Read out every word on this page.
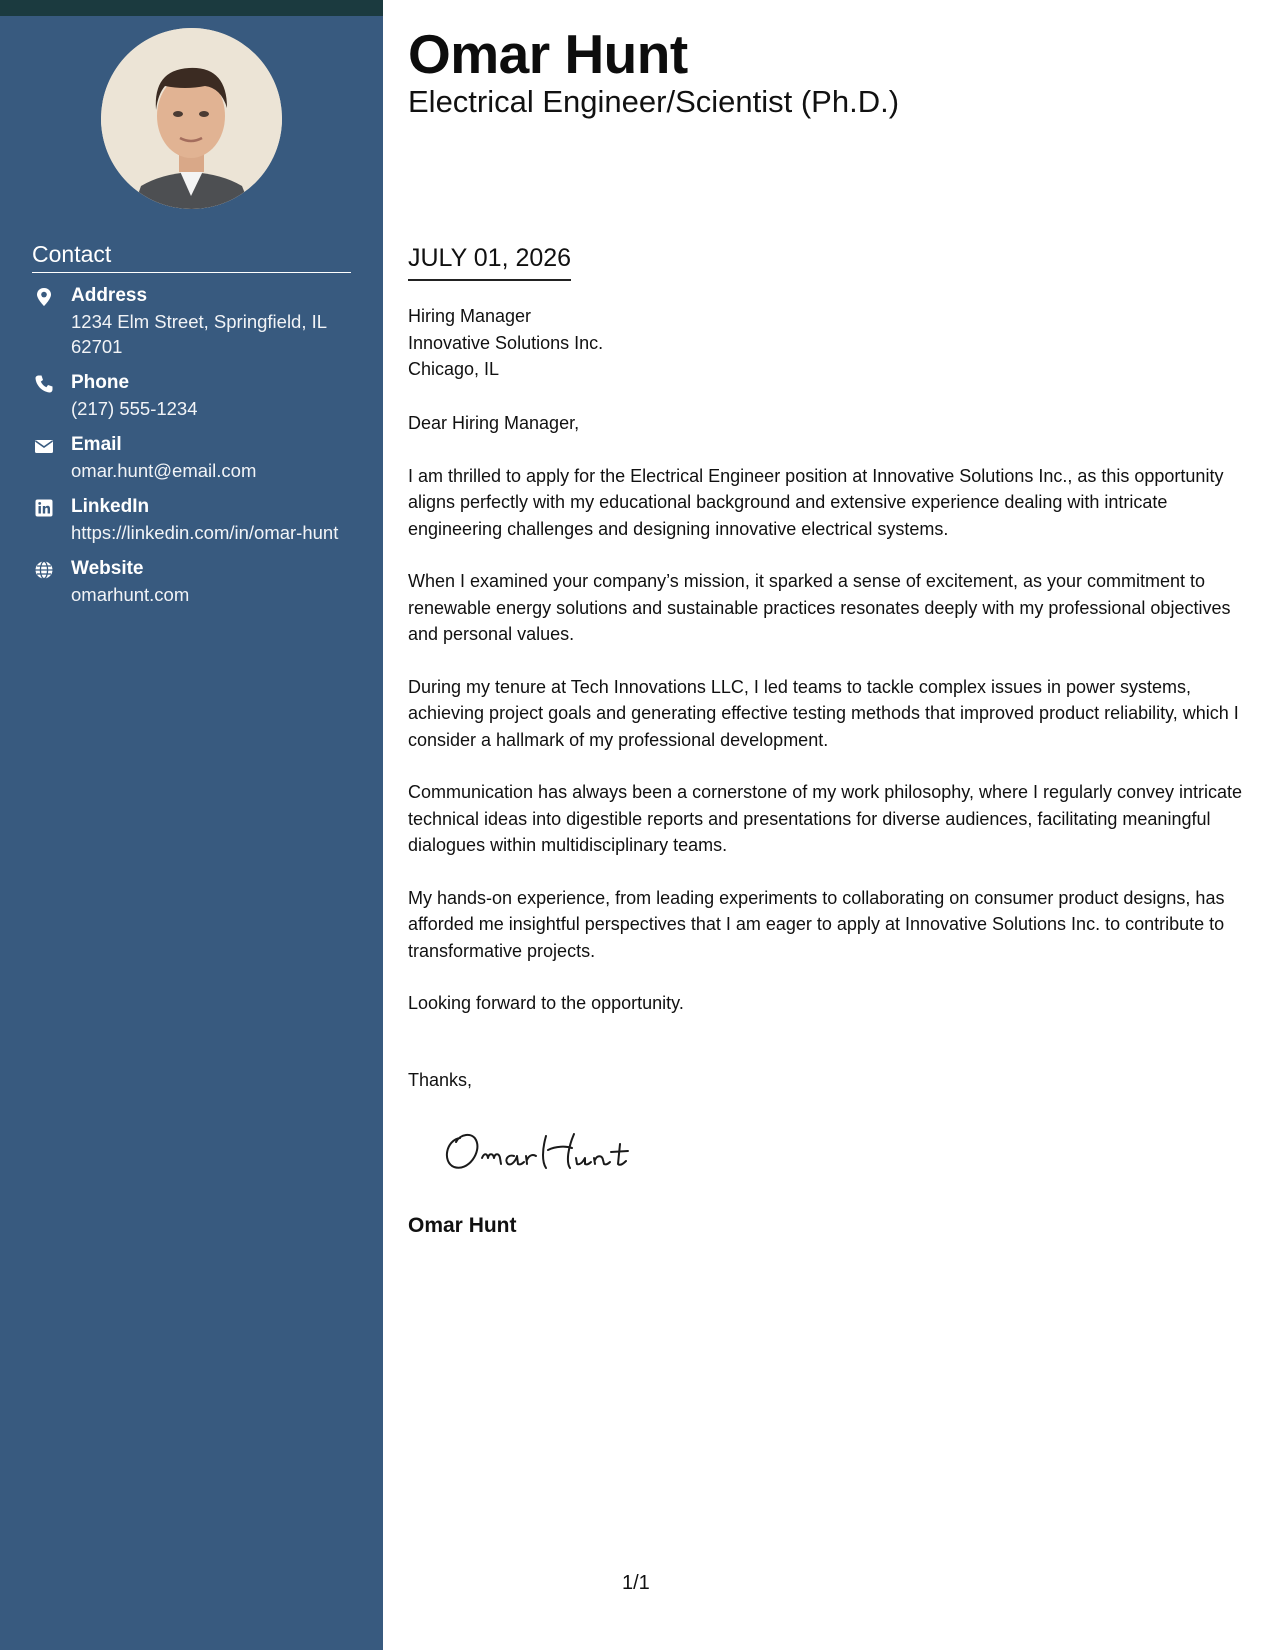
Contact
Address
1234 Elm Street, Springfield, IL 62701
Phone
(217) 555-1234
Email
omar.hunt@email.com
LinkedIn
https://linkedin.com/in/omar-hunt
Website
omarhunt.com
Omar Hunt
Electrical Engineer/Scientist (Ph.D.)
JULY 01, 2026
Hiring Manager
Innovative Solutions Inc.
Chicago, IL

Dear Hiring Manager,

I am thrilled to apply for the Electrical Engineer position at Innovative Solutions Inc., as this opportunity aligns perfectly with my educational background and extensive experience dealing with intricate engineering challenges and designing innovative electrical systems.

When I examined your company’s mission, it sparked a sense of excitement, as your commitment to renewable energy solutions and sustainable practices resonates deeply with my professional objectives and personal values.

During my tenure at Tech Innovations LLC, I led teams to tackle complex issues in power systems, achieving project goals and generating effective testing methods that improved product reliability, which I consider a hallmark of my professional development.

Communication has always been a cornerstone of my work philosophy, where I regularly convey intricate technical ideas into digestible reports and presentations for diverse audiences, facilitating meaningful dialogues within multidisciplinary teams.

My hands-on experience, from leading experiments to collaborating on consumer product designs, has afforded me insightful perspectives that I am eager to apply at Innovative Solutions Inc. to contribute to transformative projects.

Looking forward to the opportunity.

Thanks,
Omar Hunt
1/1
